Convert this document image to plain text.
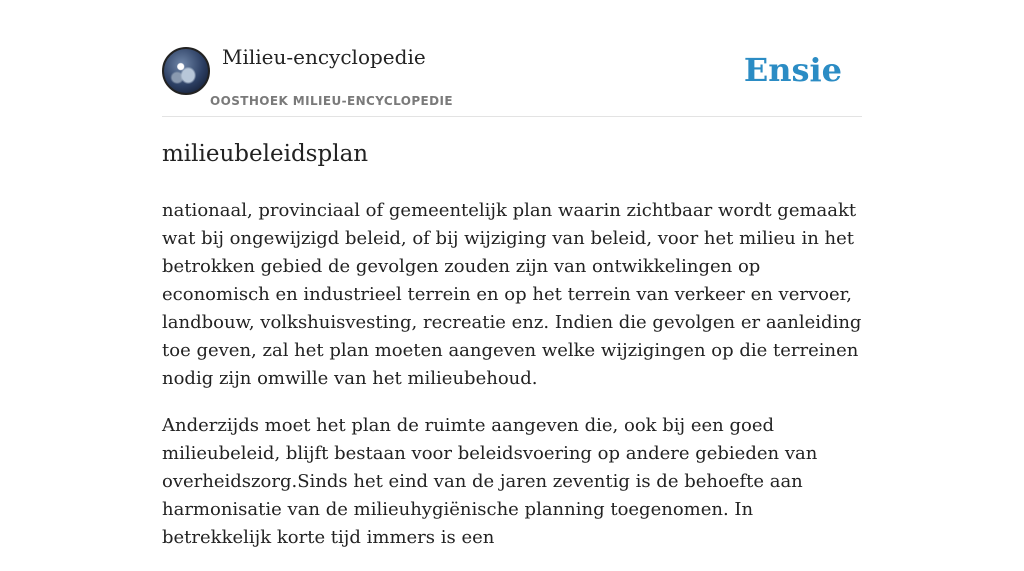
Milieu-encyclopedie
OOSTHOEK MILIEU-ENCYCLOPEDIE
Ensie
milieubeleidsplan

nationaal, provinciaal of gemeentelijk plan waarin zichtbaar wordt gemaakt wat bij ongewijzigd beleid, of bij wijziging van beleid, voor het milieu in het betrokken gebied de gevolgen zouden zijn van ontwikkelingen op economisch en industrieel terrein en op het terrein van verkeer en vervoer, landbouw, volkshuisvesting, recreatie enz. Indien die gevolgen er aanleiding toe geven, zal het plan moeten aangeven welke wijzigingen op die terreinen nodig zijn omwille van het milieubehoud.

Anderzijds moet het plan de ruimte aangeven die, ook bij een goed milieubeleid, blijft bestaan voor beleidsvoering op andere gebieden van overheidszorg.Sinds het eind van de jaren zeventig is de behoefte aan harmonisatie van de milieuhygiënische planning toegenomen. In betrekkelijk korte tijd immers is een
